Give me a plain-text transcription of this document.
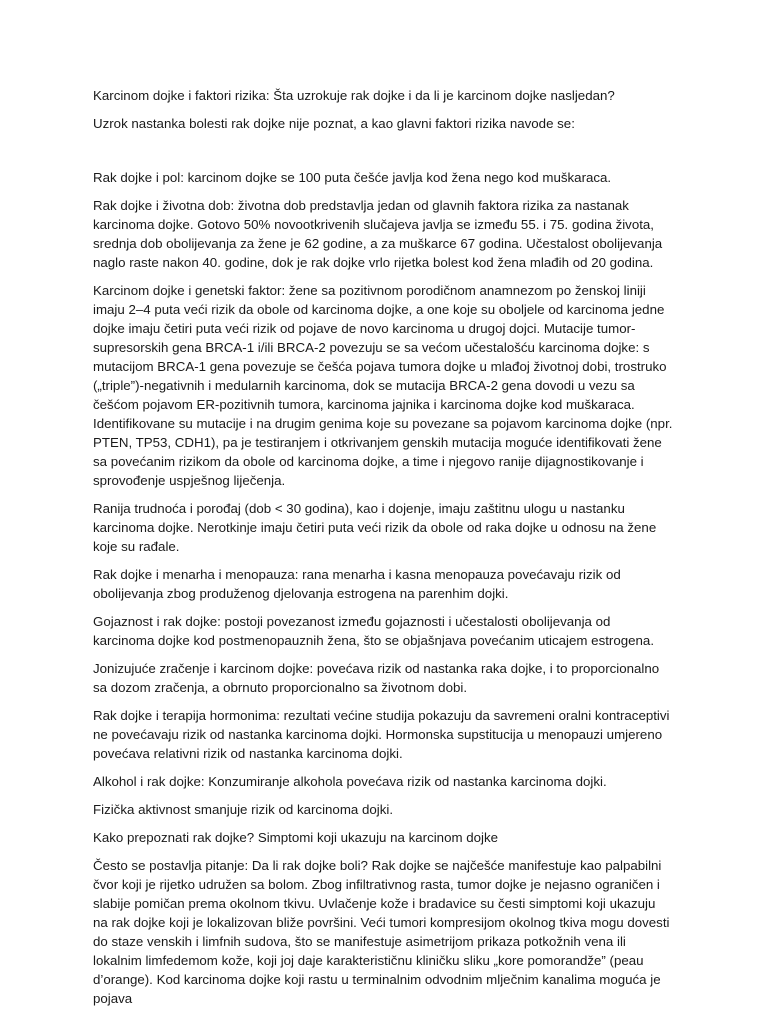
Karcinom dojke i faktori rizika: Šta uzrokuje rak dojke i da li je karcinom dojke nasljedan?

Uzrok nastanka bolesti rak dojke nije poznat, a kao glavni faktori rizika navode se:

Rak dojke i pol: karcinom dojke se 100 puta češće javlja kod žena nego kod muškaraca.

Rak dojke i životna dob: životna dob predstavlja jedan od glavnih faktora rizika za nastanak karcinoma dojke. Gotovo 50% novootkrivenih slučajeva javlja se između 55. i 75. godina života, srednja dob obolijevanja za žene je 62 godine, a za muškarce 67 godina. Učestalost obolijevanja naglo raste nakon 40. godine, dok je rak dojke vrlo rijetka bolest kod žena mlađih od 20 godina.

Karcinom dojke i genetski faktor: žene sa pozitivnom porodičnom anamnezom po ženskoj liniji imaju 2–4 puta veći rizik da obole od karcinoma dojke, a one koje su oboljele od karcinoma jedne dojke imaju četiri puta veći rizik od pojave de novo karcinoma u drugoj dojci. Mutacije tumor-supresorskih gena BRCA-1 i/ili BRCA-2 povezuju se sa većom učestalošću karcinoma dojke: s mutacijom BRCA-1 gena povezuje se češća pojava tumora dojke u mlađoj životnoj dobi, trostruko („triple”)-negativnih i medularnih karcinoma, dok se mutacija BRCA-2 gena dovodi u vezu sa češćom pojavom ER-pozitivnih tumora, karcinoma jajnika i karcinoma dojke kod muškaraca. Identifikovane su mutacije i na drugim genima koje su povezane sa pojavom karcinoma dojke (npr. PTEN, TP53, CDH1), pa je testiranjem i otkrivanjem genskih mutacija moguće identifikovati žene sa povećanim rizikom da obole od karcinoma dojke, a time i njegovo ranije dijagnostikovanje i sprovođenje uspješnog liječenja.

Ranija trudnoća i porođaj (dob < 30 godina), kao i dojenje, imaju zaštitnu ulogu u nastanku karcinoma dojke. Nerotkinje imaju četiri puta veći rizik da obole od raka dojke u odnosu na žene koje su rađale.

Rak dojke i menarha i menopauza: rana menarha i kasna menopauza povećavaju rizik od obolijevanja zbog produženog djelovanja estrogena na parenhim dojki.

Gojaznost i rak dojke: postoji povezanost između gojaznosti i učestalosti obolijevanja od karcinoma dojke kod postmenopauznih žena, što se objašnjava povećanim uticajem estrogena.

Jonizujuće zračenje i karcinom dojke: povećava rizik od nastanka raka dojke, i to proporcionalno sa dozom zračenja, a obrnuto proporcionalno sa životnom dobi.

Rak dojke i terapija hormonima: rezultati većine studija pokazuju da savremeni oralni kontraceptivi ne povećavaju rizik od nastanka karcinoma dojki. Hormonska supstitucija u menopauzi umjereno povećava relativni rizik od nastanka karcinoma dojki.

Alkohol i rak dojke: Konzumiranje alkohola povećava rizik od nastanka karcinoma dojki.

Fizička aktivnost smanjuje rizik od karcinoma dojki.

Kako prepoznati rak dojke? Simptomi koji ukazuju na karcinom dojke

Često se postavlja pitanje: Da li rak dojke boli? Rak dojke se najčešće manifestuje kao palpabilni čvor koji je rijetko udružen sa bolom. Zbog infiltrativnog rasta, tumor dojke je nejasno ograničen i slabije pomičan prema okolnom tkivu. Uvlačenje kože i bradavice su česti simptomi koji ukazuju na rak dojke koji je lokalizovan bliže površini. Veći tumori kompresijom okolnog tkiva mogu dovesti do staze venskih i limfnih sudova, što se manifestuje asimetrijom prikaza potkožnih vena ili lokalnim limfedemom kože, koji joj daje karakterističnu kliničku sliku „kore pomorandže” (peau d’orange). Kod karcinoma dojke koji rastu u terminalnim odvodnim mlječnim kanalima moguća je pojava
